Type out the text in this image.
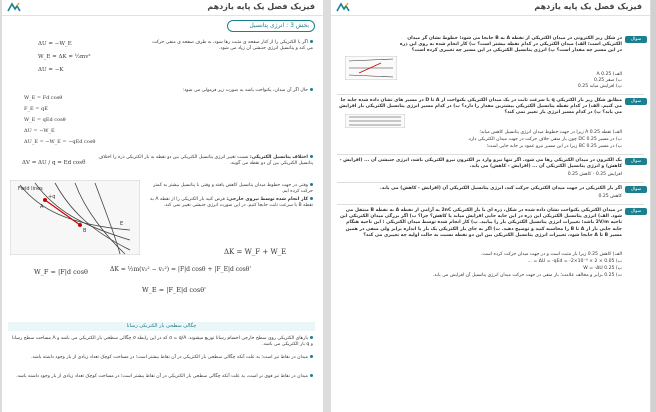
فیزیک فصل یک پایه یازدهم
بخش 3 : انرژی پتانسیل
ΔU = −W_E
W_E = ΔK = ½mv²
ΔU = −K
اگر با الکتریکی را از کنار صفحه ی مثبت رها شود، به طرف صفحه ی منفی حرکت می کند و پتانسیل انرژی جنبشی آن زیاد می شود.
حال اگر آن میدان، یکنواخت باشد به صورت زیر فرمولی می شود:
W_E = Fd cosθ
F_E = qE
W_E = qEd cosθ
ΔU = −W_E
ΔU_E = −W_E = −qEd cosθ
اختلاف پتانسیل الکتریکی: نسبت تغییر انرژی پتانسیل الکتریکی بین دو نقطه به بار الکتریکی ذره را اختلاف پتانسیل الکتریکی بین آن دو نقطه می گویند.
ΔV = ΔU / q = Ed cosθ
وقتی در جهت خطوط میدان پتانسیل کاهش یافته و وقتی با پتانسیل بیشتر به کمتر حرکت کرده ایم.
کار انجام شده توسط نیروی خارجی: فرض کنید بار الکتریکی را از نقطه A به نقطه B با سرعت ثابت جابجا کنیم. در این صورت انرژی جنبشی تغییر نمی کند.
Field lines
+q
A
B
E
ΔK = W_F + W_E
W_F = |F|d cosθ	ΔK = ½m(v₂² − v₁²) = |F|d cosθ + |F_E|d cosθ'
W_E = |F_E|d cosθ'
چگالی سطحی بار الکتریکی رسانا
بارهای الکتریکی روی سطح خارجی اجسام رسانا توزیع میشوند. σ = q/A که در این رابطه σ چگالی سطحی بار الکتریکی می باشد و A مساحت سطح رسانا و q بار الکتریکی می باشد.
میدان در نقاط تیز است؛ به علت آنکه چگالی سطحی بار الکتریکی در آن نقاط بیشتر است؛ در مساحت کوچک تعداد زیادی از بار وجود داشته باشد.
میدان در نقاط تیز قوی تر است، به علت آنکه چگالی سطحی بار الکتریکی در آن نقاط بیشتر است؛ در مساحت کوچک تعداد زیادی از بار وجود داشته باشد.
فیزیک فصل یک پایه یازدهم
سوال
در شکل زیر الکترونی در میدان الکتریکی از نقطه A به B جابجا می شود؛ خطوط نشان گر میدان الکتریکی است؛ الف) میدان الکتریکی در کدام نقطه بیشتر است؟ ب) کار انجام شده به روی این ذره در این مسیر چه مقدار است؟ پ) انرژی پتانسیل الکتریکی در این مسیر چه تغییری کرده است؟
الف) A 0.25
ب) صفر 0.25
پ) افزایش میابد 0.25
سوال
مطابق شکل زیر بار الکتریکی q با سرعت ثابت در یک میدان الکتریکی یکنواخت از A تا D در مسیر های نشان داده شده جابه جا می کنیم. الف) در کدام نقطه پتانسیل الکتریکی بیشترین مقدار را دارد؟ ب) در کدام مسیر انرژی پتانسیل الکتریکی بار افزایش می یابد؟ پ) در کدام مسیر انرژی بار تغییر نمی کند؟
الف) نقطه A 0.25 زیرا در جهت خطوط میدان انرژی پتانسیل کاهش میابد؛
ب) در مسیر DC 0.25 چون بار منفی خلاف حرکت در جهت میدان الکتریکی دارد.
پ) در مسیر BC 0.25 زیرا در این مسیر نیرو عمود بر جابه جایی است؛
سوال
یک الکترون در میدان الکتریکی رها می شود. اگر تنها نیرو وارد بر الکترون نیرو الکتریکی باشد، انرژی جنبشی آن ... (افزایش - کاهش) و انرژی پتانسیل الکتریکی آن ... (افزایش - کاهش) می یابد.
افزایش 0.25 - کاهش 0.25
سوال
اگر بار الکتریکی در جهت میدان الکتریکی حرکت کند، انرژی پتانسیل الکتریکی آن (افزایش - کاهش) می یابد.
کاهش 0.25
سوال
در میدان الکتریکی یکنواخت نشان داده شده در شکل، ذره ای با بار الکتریکی 2nC به آرامی از نقطه A به نقطه B منتقل می شود. الف) انرژی پتانسیل الکتریکی این ذره در این جابه جایی افزایش میابد یا کاهش؟ چرا؟ ب) اگر بزرگی میدان الکتریکی این ناحیه 2V/m باشد؛ تغییرات انرژی پتانسیل الکتریکی بار را بیابید. پ) کار انجام شده توسط میدان الکتریکی ؛ این ناحیه هنگام جابه جایی بار از A تا B را محاسبه کنید و توضیح دهید. ت) اگر به جای بار الکتریکی یک بار با اندازه برابر ولی منفی در همین مسیر B تا A جابجا شود، تغییرات انرژی پتانسیل الکتریکی بین این دو نقطه نسبت به حالت اولیه چه تغییری می کند؟
الف) کاهش 0.25 زیرا بار مثبت است و در جهت میدان حرکت کرده است.
ب) ΔU = -qEd = -2×10⁻⁹ × 2 × 0.05 = ...
پ) W = -ΔU 0.25
ت) 0.25 برابر و مخالف علامت؛ بار منفی در جهت حرکت میدان انرژی پتانسیل آن افزایش می یابد.
